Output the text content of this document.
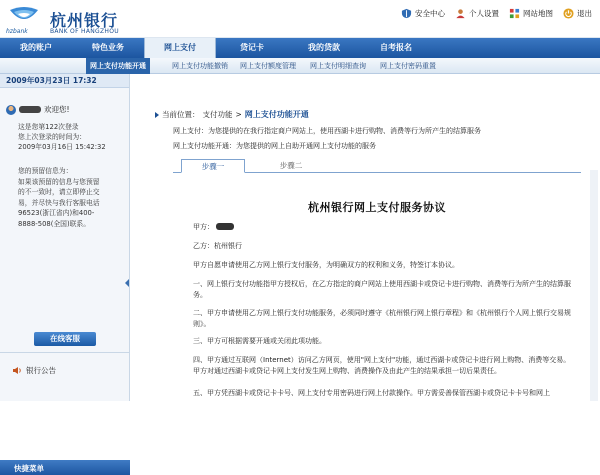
hzbank
杭州银行
BANK OF HANGZHOU
安全中心	个人设置	网站地图	退出
我的账户	特色业务	网上支付	贷记卡	我的贷款	自考报名
网上支付功能开通	网上支付功能撤销 网上支付额度管理 网上支付明细查询 网上支付密码重置
2009年03月23日 17:32
欢迎您!
这是您第122次登录
您上次登录的时间为：
2009年03月16日 15:42:32
您的预留信息为：
如果该预留的信息与您预留
的不一致时，请立即停止交
易，并尽快与我行客服电话
96523(浙江省内)和400-
8888-508(全国)联系。
在线客服
银行公告
快捷菜单
当前位置： 支付功能 > 网上支付功能开通
网上支付：为您提供的在我行指定商户网站上，使用西湖卡进行购物、消费等行为所产生的结算服务
网上支付功能开通：为您提供的网上自助开通网上支付功能的服务
步骤一	步骤二
杭州银行网上支付服务协议
甲方：
乙方：杭州银行
甲方自愿申请使用乙方网上银行支付服务，为明确双方的权利和义务，特签订本协议。
一、网上银行支付功能指甲方授权后，在乙方指定的商户网站上使用西湖卡或贷记卡进行购物、消费等行为所产生的结算服务。
二、甲方申请使用乙方网上银行支付功能服务，必须同时遵守《杭州银行网上银行章程》和《杭州银行个人网上银行交易规则》。
三、甲方可根据需要开通或关闭此项功能。
四、甲方通过互联网（Internet）访问乙方网页，使用"网上支付"功能，通过西湖卡或贷记卡进行网上购物、消费等交易。甲方对通过西湖卡或贷记卡网上支付发生网上购物、消费操作及由此产生的结果承担一切后果责任。
五、甲方凭西湖卡或贷记卡卡号、网上支付专用密码进行网上付款操作。甲方需妥善保管西湖卡或贷记卡卡号和网上
